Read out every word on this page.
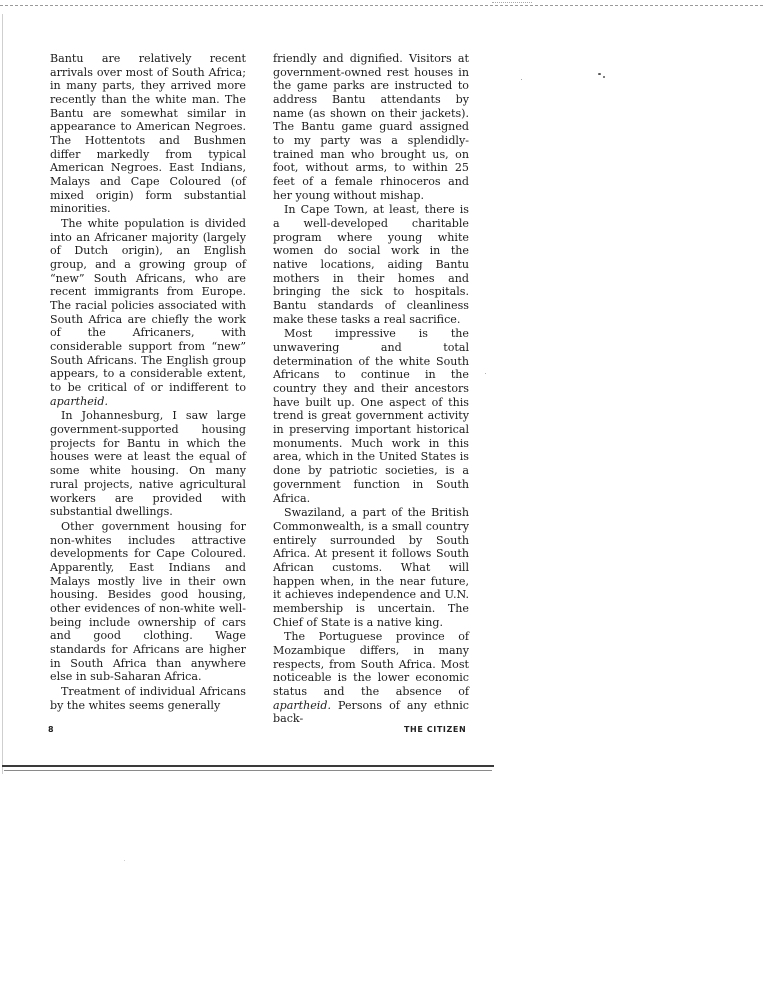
Bantu are relatively recent arrivals over most of South Africa; in many parts, they arrived more recently than the white man. The Bantu are somewhat similar in appearance to American Negroes. The Hottentots and Bushmen differ markedly from typical American Negroes. East Indians, Malays and Cape Coloured (of mixed origin) form substantial minorities.

The white population is divided into an Africaner majority (largely of Dutch origin), an English group, and a growing group of “new” South Africans, who are recent immigrants from Europe. The racial policies associated with South Africa are chiefly the work of the Africaners, with considerable support from “new” South Africans. The English group appears, to a considerable extent, to be critical of or indifferent to apartheid.

In Johannesburg, I saw large government-supported housing projects for Bantu in which the houses were at least the equal of some white housing. On many rural projects, native agricultural workers are provided with substantial dwellings.

Other government housing for non-whites includes attractive developments for Cape Coloured. Apparently, East Indians and Malays mostly live in their own housing. Besides good housing, other evidences of non-white well-being include ownership of cars and good clothing. Wage standards for Africans are higher in South Africa than anywhere else in sub-Saharan Africa.

Treatment of individual Africans by the whites seems generally

friendly and dignified. Visitors at government-owned rest houses in the game parks are instructed to address Bantu attendants by name (as shown on their jackets). The Bantu game guard assigned to my party was a splendidly-trained man who brought us, on foot, without arms, to within 25 feet of a female rhinoceros and her young without mishap.

In Cape Town, at least, there is a well-developed charitable program where young white women do social work in the native locations, aiding Bantu mothers in their homes and bringing the sick to hospitals. Bantu standards of cleanliness make these tasks a real sacrifice.

Most impressive is the unwavering and total determination of the white South Africans to continue in the country they and their ancestors have built up. One aspect of this trend is great government activity in preserving important historical monuments. Much work in this area, which in the United States is done by patriotic societies, is a government function in South Africa.

Swaziland, a part of the British Commonwealth, is a small country entirely surrounded by South Africa. At present it follows South African customs. What will happen when, in the near future, it achieves independence and U.N. membership is uncertain. The Chief of State is a native king.

The Portuguese province of Mozambique differs, in many respects, from South Africa. Most noticeable is the lower economic status and the absence of apartheid. Persons of any ethnic back-

8	THE CITIZEN
